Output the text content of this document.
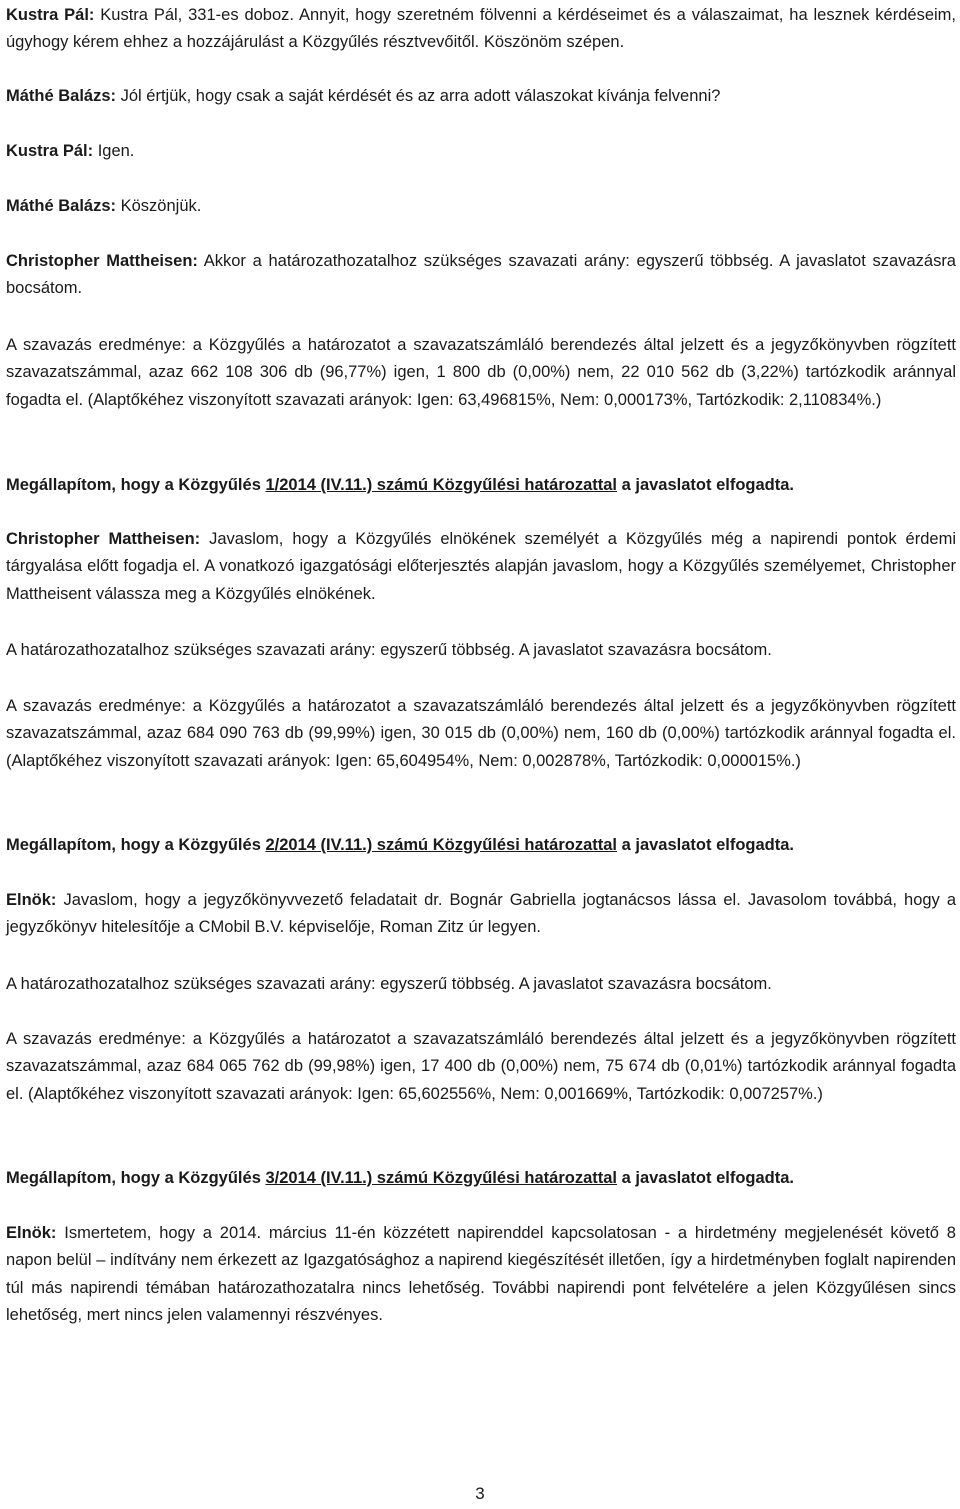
Kustra Pál: Kustra Pál, 331-es doboz. Annyit, hogy szeretném fölvenni a kérdéseimet és a válaszaimat, ha lesznek kérdéseim, úgyhogy kérem ehhez a hozzájárulást a Közgyűlés résztvevőitől. Köszönöm szépen.

Máthé Balázs: Jól értjük, hogy csak a saját kérdését és az arra adott válaszokat kívánja felvenni?

Kustra Pál: Igen.

Máthé Balázs: Köszönjük.

Christopher Mattheisen: Akkor a határozathozatalhoz szükséges szavazati arány: egyszerű többség. A javaslatot szavazásra bocsátom.

A szavazás eredménye: a Közgyűlés a határozatot a szavazatszámláló berendezés által jelzett és a jegyzőkönyvben rögzített szavazatszámmal, azaz 662 108 306 db (96,77%) igen, 1 800 db (0,00%) nem, 22 010 562 db (3,22%) tartózkodik aránnyal fogadta el. (Alaptőkéhez viszonyított szavazati arányok: Igen: 63,496815%, Nem: 0,000173%, Tartózkodik: 2,110834%.)

Megállapítom, hogy a Közgyűlés 1/2014 (IV.11.) számú Közgyűlési határozattal a javaslatot elfogadta.

Christopher Mattheisen: Javaslom, hogy a Közgyűlés elnökének személyét a Közgyűlés még a napirendi pontok érdemi tárgyalása előtt fogadja el. A vonatkozó igazgatósági előterjesztés alapján javaslom, hogy a Közgyűlés személyemet, Christopher Mattheisent válassza meg a Közgyűlés elnökének.

A határozathozatalhoz szükséges szavazati arány: egyszerű többség. A javaslatot szavazásra bocsátom.

A szavazás eredménye: a Közgyűlés a határozatot a szavazatszámláló berendezés által jelzett és a jegyzőkönyvben rögzített szavazatszámmal, azaz 684 090 763 db (99,99%) igen, 30 015 db (0,00%) nem, 160 db (0,00%) tartózkodik aránnyal fogadta el. (Alaptőkéhez viszonyított szavazati arányok: Igen: 65,604954%, Nem: 0,002878%, Tartózkodik: 0,000015%.)

Megállapítom, hogy a Közgyűlés 2/2014 (IV.11.) számú Közgyűlési határozattal a javaslatot elfogadta.

Elnök: Javaslom, hogy a jegyzőkönyvvezető feladatait dr. Bognár Gabriella jogtanácsos lássa el. Javasolom továbbá, hogy a jegyzőkönyv hitelesítője a CMobil B.V. képviselője, Roman Zitz úr legyen.

A határozathozatalhoz szükséges szavazati arány: egyszerű többség. A javaslatot szavazásra bocsátom.

A szavazás eredménye: a Közgyűlés a határozatot a szavazatszámláló berendezés által jelzett és a jegyzőkönyvben rögzített szavazatszámmal, azaz 684 065 762 db (99,98%) igen, 17 400 db (0,00%) nem, 75 674 db (0,01%) tartózkodik aránnyal fogadta el. (Alaptőkéhez viszonyított szavazati arányok: Igen: 65,602556%, Nem: 0,001669%, Tartózkodik: 0,007257%.)

Megállapítom, hogy a Közgyűlés 3/2014 (IV.11.) számú Közgyűlési határozattal a javaslatot elfogadta.

Elnök: Ismertetem, hogy a 2014. március 11-én közzétett napirenddel kapcsolatosan - a hirdetmény megjelenését követő 8 napon belül – indítvány nem érkezett az Igazgatósághoz a napirend kiegészítését illetően, így a hirdetményben foglalt napirenden túl más napirendi témában határozathozatalra nincs lehetőség. További napirendi pont felvételére a jelen Közgyűlésen sincs lehetőség, mert nincs jelen valamennyi részvényes.

3
